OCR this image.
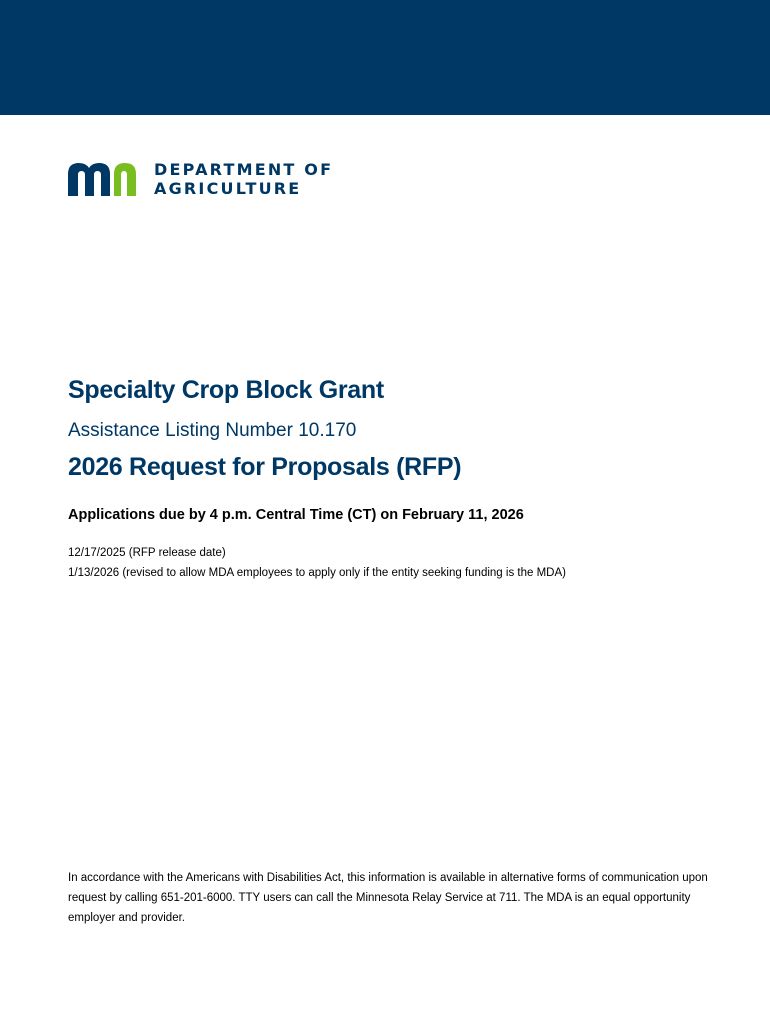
DEPARTMENT OF
AGRICULTURE
Specialty Crop Block Grant
Assistance Listing Number 10.170
2026 Request for Proposals (RFP)
Applications due by 4 p.m. Central Time (CT) on February 11, 2026
12/17/2025 (RFP release date)
1/13/2026 (revised to allow MDA employees to apply only if the entity seeking funding is the MDA)
In accordance with the Americans with Disabilities Act, this information is available in alternative forms of communication upon request by calling 651-201-6000. TTY users can call the Minnesota Relay Service at 711. The MDA is an equal opportunity employer and provider.
